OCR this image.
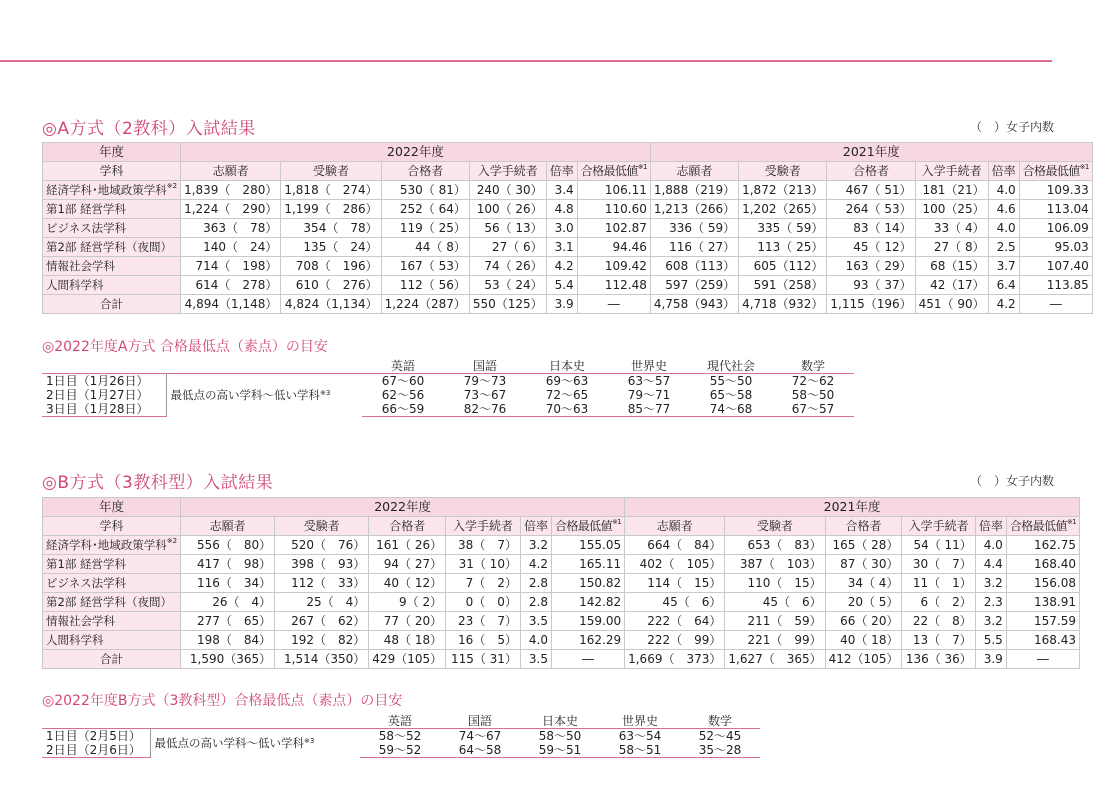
◎A方式（2教科）入試結果	（　）女子内数
年度	2022年度						2021年度					
学科	志願者	受験者	合格者	入学手続者	倍率	合格最低値$^{※1}$	志願者	受験者	合格者	入学手続者	倍率	合格最低値$^{※1}$
経済学科･地域政策学科$^{※2}$	1,839（　280）	1,818（　274）	530（ 81）	240（ 30）	3.4	106.11	1,888（219）	1,872（213）	467（ 51）	181（21）	4.0	109.33
第1部 経営学科	1,224（　290）	1,199（　286）	252（ 64）	100（ 26）	4.8	110.60	1,213（266）	1,202（265）	264（ 53）	100（25）	4.6	113.04
ビジネス法学科	363（　78）	354（　78）	119（ 25）	56（ 13）	3.0	102.87	336（ 59）	335（ 59）	83（ 14）	33（ 4）	4.0	106.09
第2部 経営学科（夜間）	140（　24）	135（　24）	44（ 8）	27（ 6）	3.1	94.46	116（ 27）	113（ 25）	45（ 12）	27（ 8）	2.5	95.03
情報社会学科	714（　198）	708（　196）	167（ 53）	74（ 26）	4.2	109.42	608（113）	605（112）	163（ 29）	68（15）	3.7	107.40
人間科学科	614（　278）	610（　276）	112（ 56）	53（ 24）	5.4	112.48	597（259）	591（258）	93（ 37）	42（17）	6.4	113.85
合計	4,894（1,148）	4,824（1,134）	1,224（287）	550（125）	3.9	―	4,758（943）	4,718（932）	1,115（196）	451（ 90）	4.2	―
◎2022年度A方式 合格最低点（素点）の目安
		英語	国語	日本史	世界史	現代社会	数学
1日目（1月26日）	最低点の高い学科～低い学科$^{※3}$	67～60	79～73	69～63	63～57	55～50	72～62
2日目（1月27日）		62～56	73～67	72～65	79～71	65～58	58～50
3日目（1月28日）		66～59	82～76	70～63	85～77	74～68	67～57
◎B方式（3教科型）入試結果	（　）女子内数
年度	2022年度						2021年度					
学科	志願者	受験者	合格者	入学手続者	倍率	合格最低値$^{※1}$	志願者	受験者	合格者	入学手続者	倍率	合格最低値$^{※1}$
経済学科･地域政策学科$^{※2}$	556（　80）	520（　76）	161（ 26）	38（　7）	3.2	155.05	664（　84）	653（　83）	165（ 28）	54（ 11）	4.0	162.75
第1部 経営学科	417（　98）	398（　93）	94（ 27）	31（ 10）	4.2	165.11	402（　105）	387（　103）	87（ 30）	30（　7）	4.4	168.40
ビジネス法学科	116（　34）	112（　33）	40（ 12）	7（　2）	2.8	150.82	114（　15）	110（　15）	34（ 4）	11（　1）	3.2	156.08
第2部 経営学科（夜間）	26（　4）	25（　4）	9（ 2）	0（　0）	2.8	142.82	45（　6）	45（　6）	20（ 5）	6（　2）	2.3	138.91
情報社会学科	277（　65）	267（　62）	77（ 20）	23（　7）	3.5	159.00	222（　64）	211（　59）	66（ 20）	22（　8）	3.2	157.59
人間科学科	198（　84）	192（　82）	48（ 18）	16（　5）	4.0	162.29	222（　99）	221（　99）	40（ 18）	13（　7）	5.5	168.43
合計	1,590（365）	1,514（350）	429（105）	115（ 31）	3.5	―	1,669（　373）	1,627（　365）	412（105）	136（ 36）	3.9	―
◎2022年度B方式（3教科型）合格最低点（素点）の目安
		英語	国語	日本史	世界史	数学
1日目（2月5日）	最低点の高い学科～低い学科$^{※3}$	58～52	74～67	58～50	63～54	52～45
2日目（2月6日）		59～52	64～58	59～51	58～51	35～28
